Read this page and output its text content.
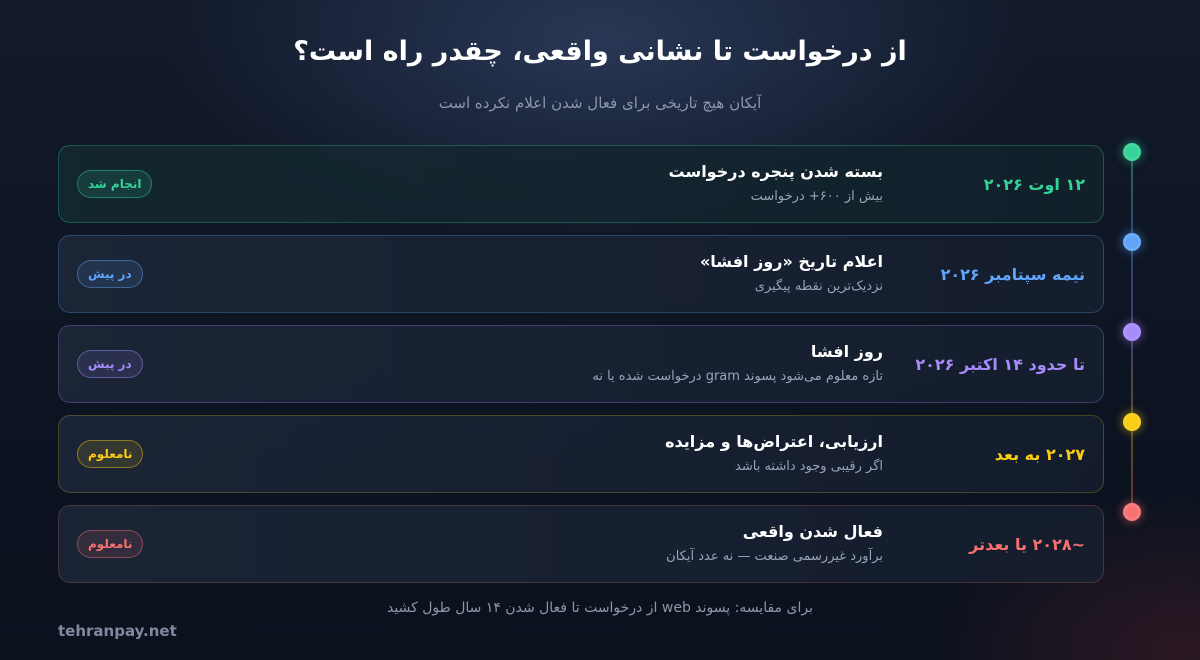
از درخواست تا نشانی واقعی، چقدر راه است؟
آیکان هیچ تاریخی برای فعال شدن اعلام نکرده است
۱۲ اوت ۲۰۲۶
بسته شدن پنجره درخواست
بیش از ۶۰۰+ درخواست
انجام شد
نیمه سپتامبر ۲۰۲۶
اعلام تاریخ «روز افشا»
نزدیک‌ترین نقطه پیگیری
در پیش
تا حدود ۱۴ اکتبر ۲۰۲۶
روز افشا
تازه معلوم می‌شود پسوند gram درخواست شده یا نه
در پیش
۲۰۲۷ به بعد
ارزیابی، اعتراض‌ها و مزایده
اگر رقیبی وجود داشته باشد
نامعلوم
~۲۰۲۸ یا بعدتر
فعال شدن واقعی
برآورد غیررسمی صنعت — نه عدد آیکان
نامعلوم
برای مقایسه: پسوند web از درخواست تا فعال شدن ۱۴ سال طول کشید
tehranpay.net
